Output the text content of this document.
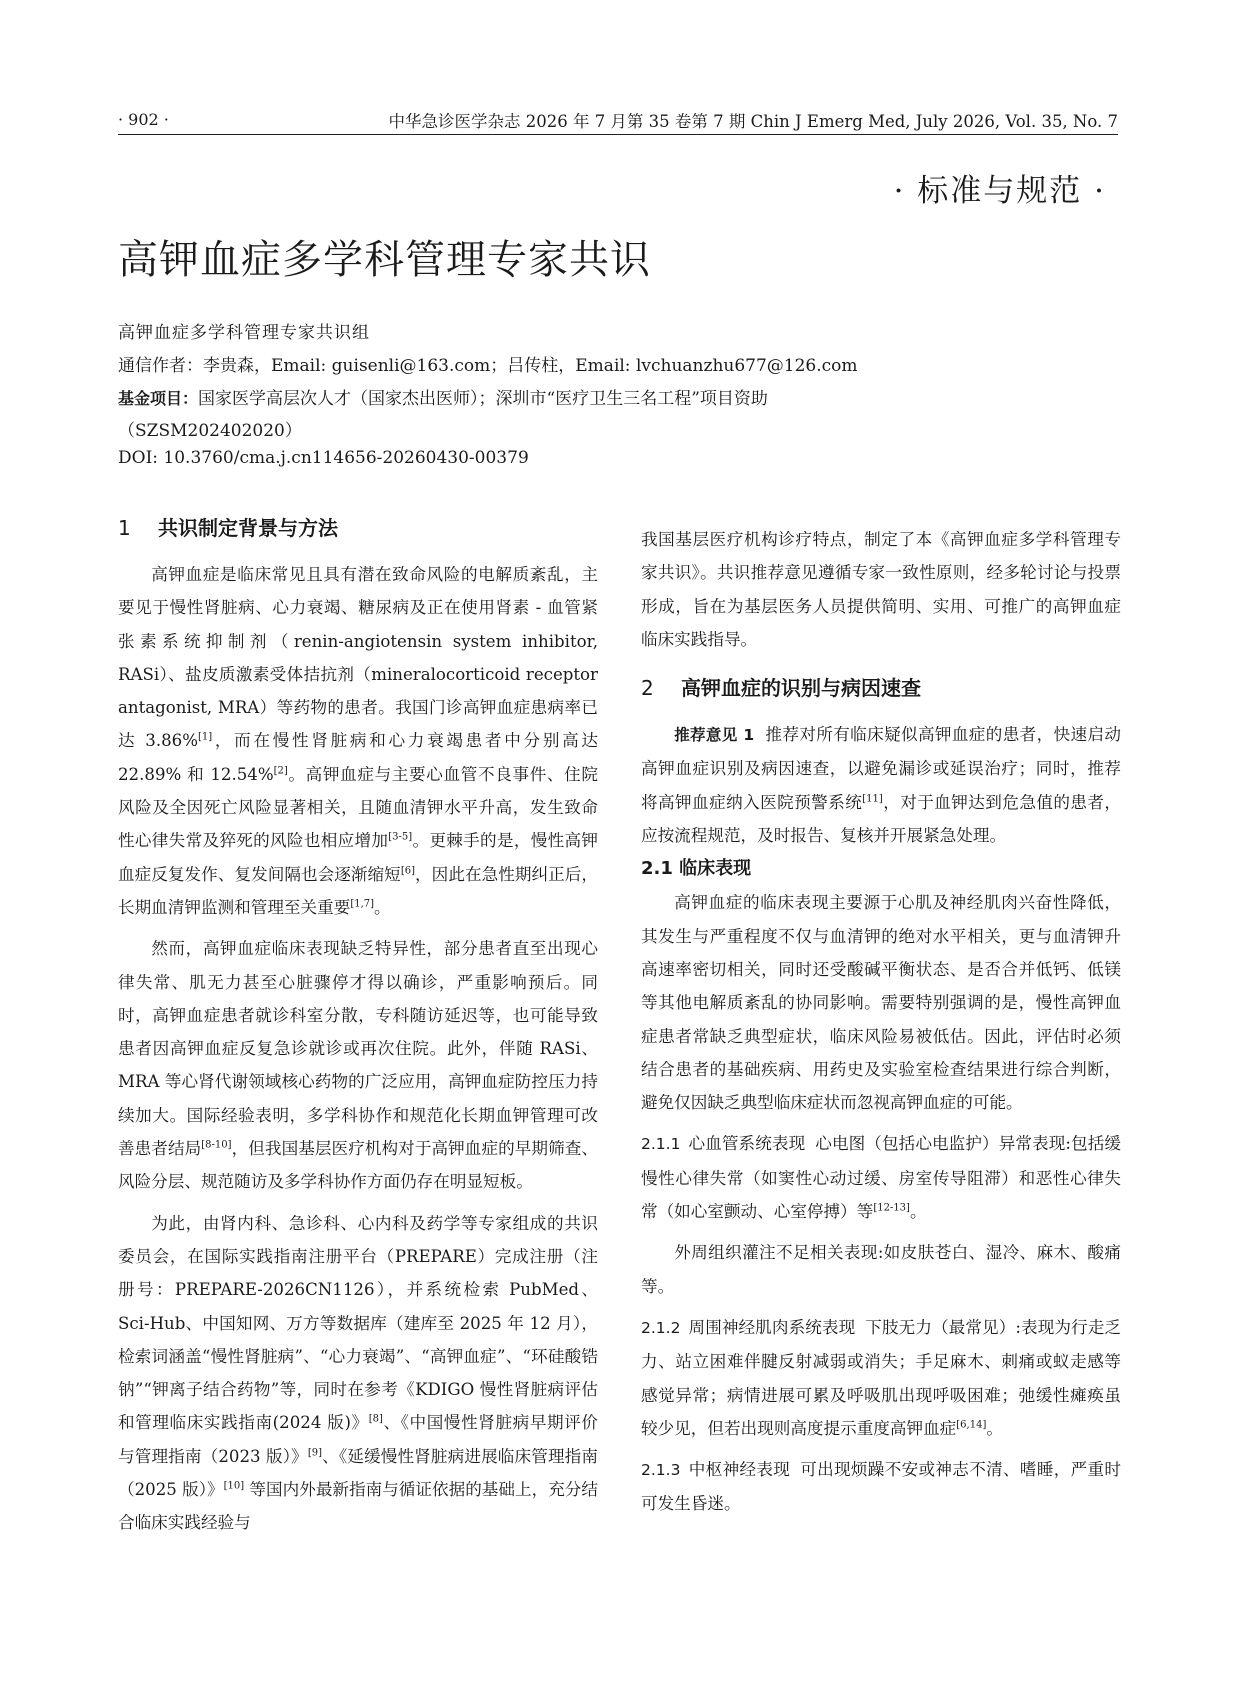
· 902 ·	中华急诊医学杂志 2026 年 7 月第 35 卷第 7 期 Chin J Emerg Med, July 2026, Vol. 35, No. 7
· 标准与规范 ·
高钾血症多学科管理专家共识
高钾血症多学科管理专家共识组
通信作者：李贵森，Email: guisenli@163.com；吕传柱，Email: lvchuanzhu677@126.com
基金项目：国家医学高层次人才（国家杰出医师）；深圳市“医疗卫生三名工程”项目资助
（SZSM202402020）
DOI: 10.3760/cma.j.cn114656-20260430-00379
1 共识制定背景与方法

高钾血症是临床常见且具有潜在致命风险的电解质紊乱，主要见于慢性肾脏病、心力衰竭、糖尿病及正在使用肾素 - 血管紧张素系统抑制剂（renin-angiotensin system inhibitor, RASi）、盐皮质激素受体拮抗剂（mineralocorticoid receptor antagonist, MRA）等药物的患者。我国门诊高钾血症患病率已达 3.86%[1]，而在慢性肾脏病和心力衰竭患者中分别高达 22.89% 和 12.54%[2]。高钾血症与主要心血管不良事件、住院风险及全因死亡风险显著相关，且随血清钾水平升高，发生致命性心律失常及猝死的风险也相应增加[3-5]。更棘手的是，慢性高钾血症反复发作、复发间隔也会逐渐缩短[6]，因此在急性期纠正后，长期血清钾监测和管理至关重要[1,7]。

然而，高钾血症临床表现缺乏特异性，部分患者直至出现心律失常、肌无力甚至心脏骤停才得以确诊，严重影响预后。同时，高钾血症患者就诊科室分散，专科随访延迟等，也可能导致患者因高钾血症反复急诊就诊或再次住院。此外，伴随 RASi、MRA 等心肾代谢领域核心药物的广泛应用，高钾血症防控压力持续加大。国际经验表明，多学科协作和规范化长期血钾管理可改善患者结局[8-10]，但我国基层医疗机构对于高钾血症的早期筛查、风险分层、规范随访及多学科协作方面仍存在明显短板。

为此，由肾内科、急诊科、心内科及药学等专家组成的共识委员会，在国际实践指南注册平台（PREPARE）完成注册（注册号：PREPARE-2026CN1126），并系统检索 PubMed、Sci-Hub、中国知网、万方等数据库（建库至 2025 年 12 月），检索词涵盖“慢性肾脏病”、“心力衰竭”、“高钾血症”、“环硅酸锆钠”“钾离子结合药物”等，同时在参考《KDIGO 慢性肾脏病评估和管理临床实践指南(2024 版)》[8]、《中国慢性肾脏病早期评价与管理指南（2023 版）》[9]、《延缓慢性肾脏病进展临床管理指南（2025 版）》[10] 等国内外最新指南与循证依据的基础上，充分结合临床实践经验与

我国基层医疗机构诊疗特点，制定了本《高钾血症多学科管理专家共识》。共识推荐意见遵循专家一致性原则，经多轮讨论与投票形成，旨在为基层医务人员提供简明、实用、可推广的高钾血症临床实践指导。

2 高钾血症的识别与病因速查

推荐意见 1 推荐对所有临床疑似高钾血症的患者，快速启动高钾血症识别及病因速查，以避免漏诊或延误治疗；同时，推荐将高钾血症纳入医院预警系统[11]，对于血钾达到危急值的患者，应按流程规范，及时报告、复核并开展紧急处理。

2.1 临床表现

高钾血症的临床表现主要源于心肌及神经肌肉兴奋性降低，其发生与严重程度不仅与血清钾的绝对水平相关，更与血清钾升高速率密切相关，同时还受酸碱平衡状态、是否合并低钙、低镁等其他电解质紊乱的协同影响。需要特别强调的是，慢性高钾血症患者常缺乏典型症状，临床风险易被低估。因此，评估时必须结合患者的基础疾病、用药史及实验室检查结果进行综合判断，避免仅因缺乏典型临床症状而忽视高钾血症的可能。

2.1.1 心血管系统表现 心电图（包括心电监护）异常表现:包括缓慢性心律失常（如窦性心动过缓、房室传导阻滞）和恶性心律失常（如心室颤动、心室停搏）等[12-13]。

外周组织灌注不足相关表现:如皮肤苍白、湿冷、麻木、酸痛等。

2.1.2 周围神经肌肉系统表现 下肢无力（最常见）:表现为行走乏力、站立困难伴腱反射减弱或消失；手足麻木、刺痛或蚁走感等感觉异常；病情进展可累及呼吸肌出现呼吸困难；弛缓性瘫痪虽较少见，但若出现则高度提示重度高钾血症[6,14]。

2.1.3 中枢神经表现 可出现烦躁不安或神志不清、嗜睡，严重时可发生昏迷。
